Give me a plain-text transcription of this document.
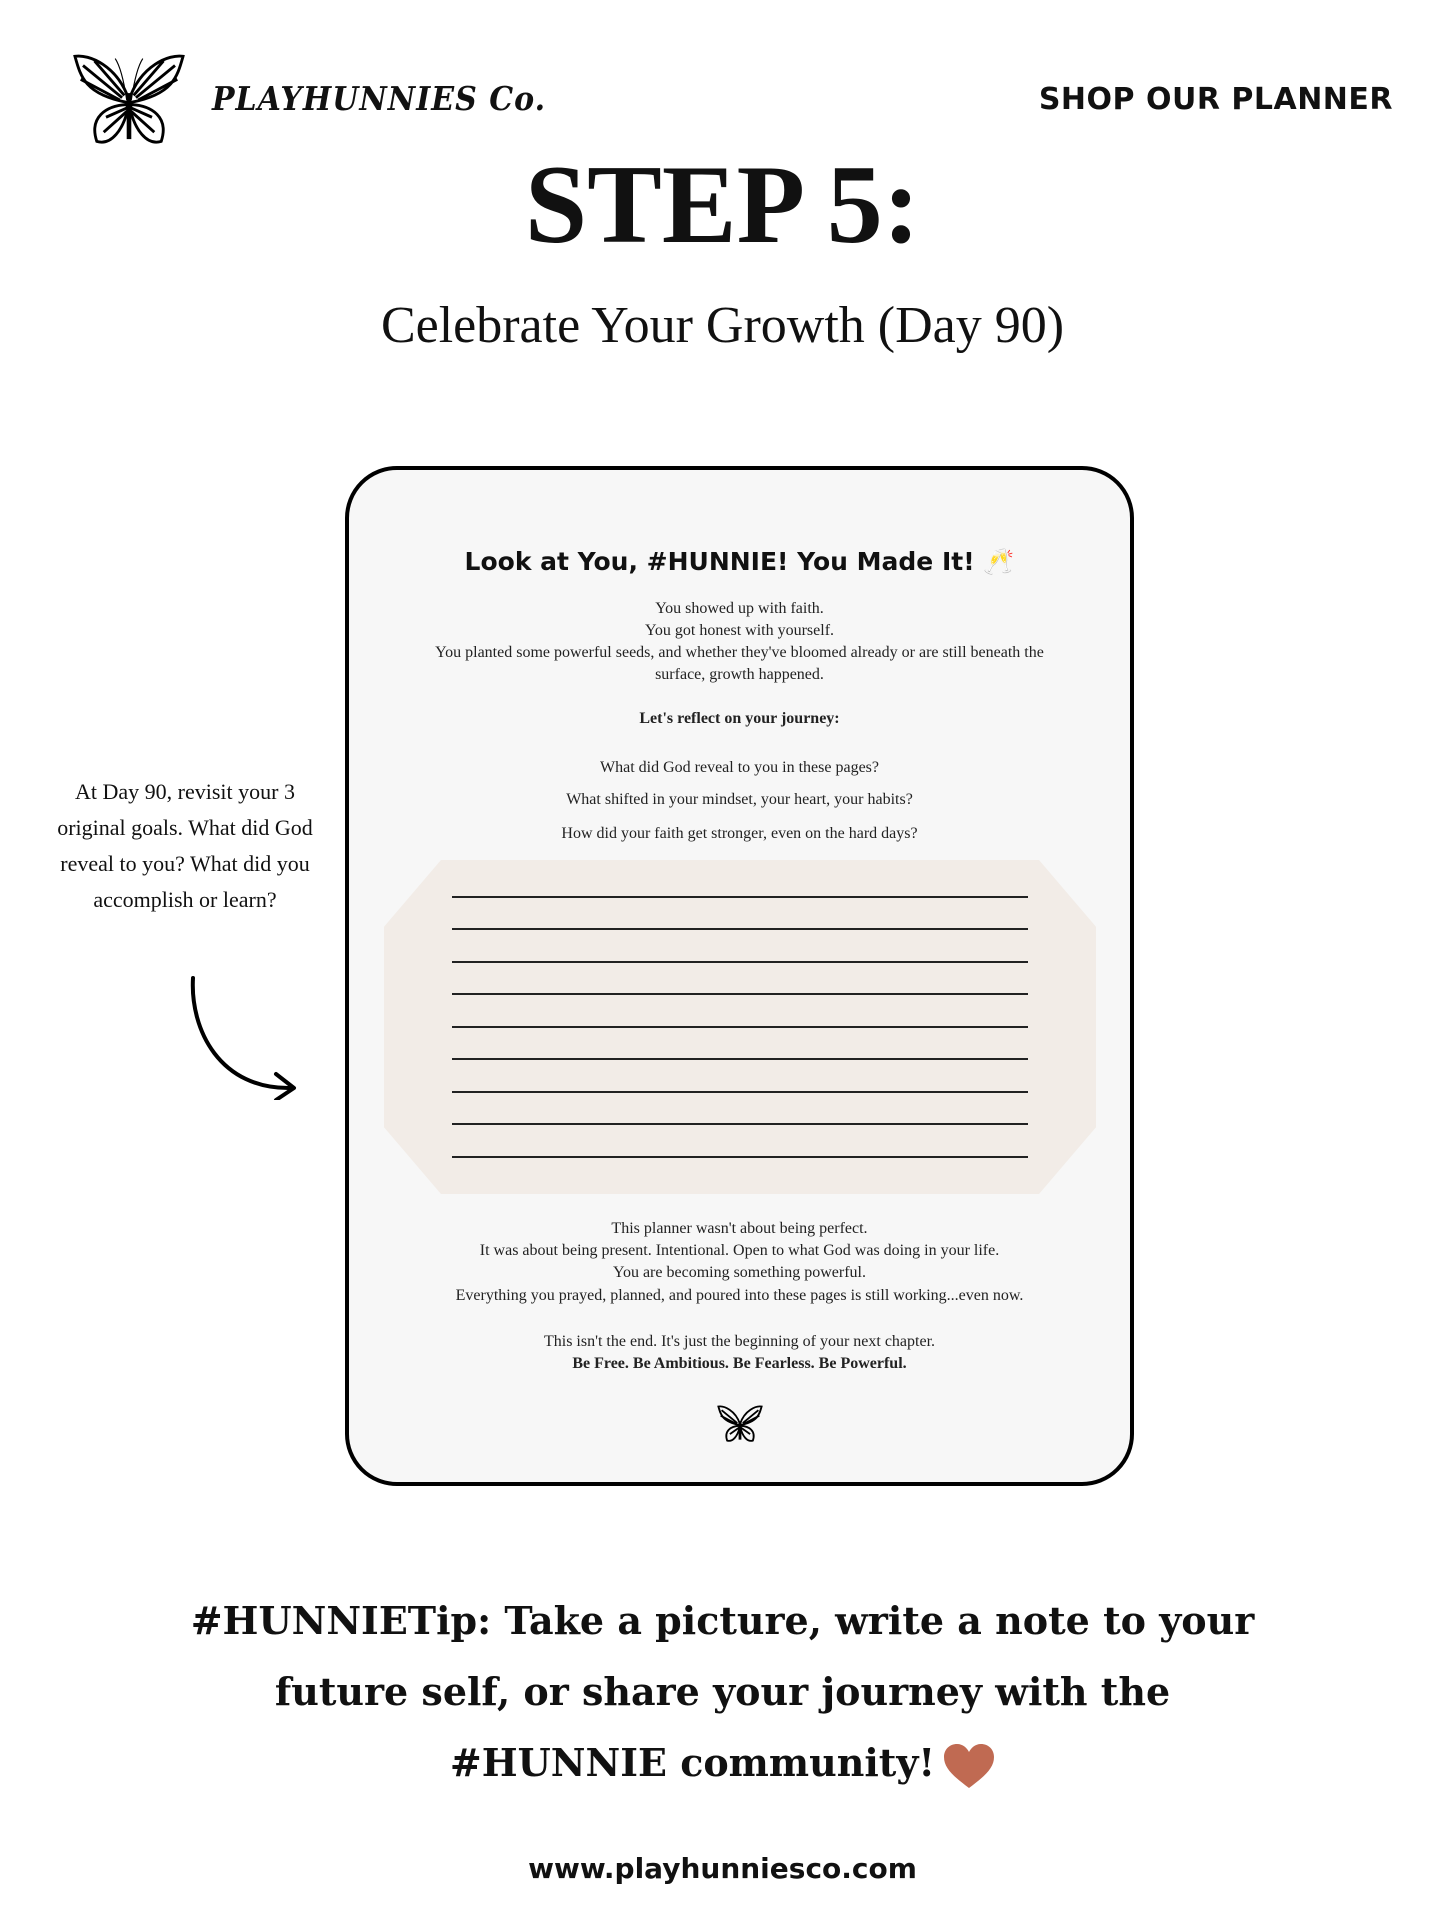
PLAYHUNNIES Co.	SHOP OUR PLANNER
STEP 5:
Celebrate Your Growth (Day 90)
At Day 90, revisit your 3 original goals. What did God reveal to you? What did you accomplish or learn?
Look at You, #HUNNIE! You Made It! 🥂
You showed up with faith.
You got honest with yourself.
You planted some powerful seeds, and whether they've bloomed already or are still beneath the
surface, growth happened.
Let's reflect on your journey:
What did God reveal to you in these pages?
What shifted in your mindset, your heart, your habits?
How did your faith get stronger, even on the hard days?
This planner wasn't about being perfect.
It was about being present. Intentional. Open to what God was doing in your life.
You are becoming something powerful.
Everything you prayed, planned, and poured into these pages is still working...even now.
This isn't the end. It's just the beginning of your next chapter.
Be Free. Be Ambitious. Be Fearless. Be Powerful.
#HUNNIETip: Take a picture, write a note to your future self, or share your journey with the #HUNNIE community!
www.playhunniesco.com
